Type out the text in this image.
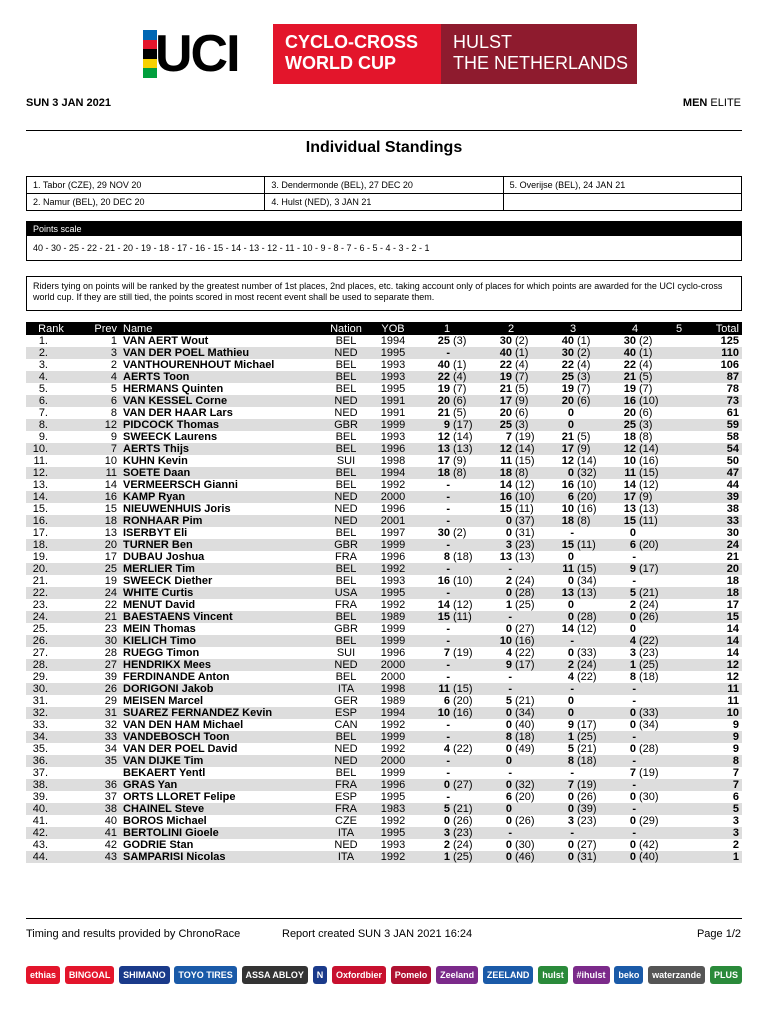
UCI	CYCLO-CROSS
WORLD CUP
HULST
THE NETHERLANDS
SUN 3 JAN 2021	MEN ELITE
Individual Standings
1. Tabor (CZE), 29 NOV 20	3. Dendermonde (BEL), 27 DEC 20	5. Overijse (BEL), 24 JAN 21
2. Namur (BEL), 20 DEC 20	4. Hulst (NED), 3 JAN 21	
Points scale
40 - 30 - 25 - 22 - 21 - 20 - 19 - 18 - 17 - 16 - 15 - 14 - 13 - 12 - 11 - 10 - 9 - 8 - 7 - 6 - 5 - 4 - 3 - 2 - 1
Riders tying on points will be ranked by the greatest number of 1st places, 2nd places, etc. taking account only of places for which points are awarded for the UCI cyclo-cross world cup. If they are still tied, the points scored in most recent event shall be used to separate them.
Rank	Prev	Name	Nation	YOB	1	2	3	4	5	Total
1.	1	VAN AERT Wout	BEL	1994	25 (3)	30 (2)	40 (1)	30 (2)		125
2.	3	VAN DER POEL Mathieu	NED	1995	-	40 (1)	30 (2)	40 (1)		110
3.	2	VANTHOURENHOUT Michael	BEL	1993	40 (1)	22 (4)	22 (4)	22 (4)		106
4.	4	AERTS Toon	BEL	1993	22 (4)	19 (7)	25 (3)	21 (5)		87
5.	5	HERMANS Quinten	BEL	1995	19 (7)	21 (5)	19 (7)	19 (7)		78
6.	6	VAN KESSEL Corne	NED	1991	20 (6)	17 (9)	20 (6)	16 (10)		73
7.	8	VAN DER HAAR Lars	NED	1991	21 (5)	20 (6)	0	20 (6)		61
8.	12	PIDCOCK Thomas	GBR	1999	9 (17)	25 (3)	0	25 (3)		59
9.	9	SWEECK Laurens	BEL	1993	12 (14)	7 (19)	21 (5)	18 (8)		58
10.	7	AERTS Thijs	BEL	1996	13 (13)	12 (14)	17 (9)	12 (14)		54
11.	10	KUHN Kevin	SUI	1998	17 (9)	11 (15)	12 (14)	10 (16)		50
12.	11	SOETE Daan	BEL	1994	18 (8)	18 (8)	0 (32)	11 (15)		47
13.	14	VERMEERSCH Gianni	BEL	1992	-	14 (12)	16 (10)	14 (12)		44
14.	16	KAMP Ryan	NED	2000	-	16 (10)	6 (20)	17 (9)		39
15.	15	NIEUWENHUIS Joris	NED	1996	-	15 (11)	10 (16)	13 (13)		38
16.	18	RONHAAR Pim	NED	2001	-	0 (37)	18 (8)	15 (11)		33
17.	13	ISERBYT Eli	BEL	1997	30 (2)	0 (31)	-	0		30
18.	20	TURNER Ben	GBR	1999	-	3 (23)	15 (11)	6 (20)		24
19.	17	DUBAU Joshua	FRA	1996	8 (18)	13 (13)	0	-		21
20.	25	MERLIER Tim	BEL	1992	-	-	11 (15)	9 (17)		20
21.	19	SWEECK Diether	BEL	1993	16 (10)	2 (24)	0 (34)	-		18
22.	24	WHITE Curtis	USA	1995	-	0 (28)	13 (13)	5 (21)		18
23.	22	MENUT David	FRA	1992	14 (12)	1 (25)	0	2 (24)		17
24.	21	BAESTAENS Vincent	BEL	1989	15 (11)	-	0 (28)	0 (26)		15
25.	23	MEIN Thomas	GBR	1999	-	0 (27)	14 (12)	0		14
26.	30	KIELICH Timo	BEL	1999	-	10 (16)	-	4 (22)		14
27.	28	RUEGG Timon	SUI	1996	7 (19)	4 (22)	0 (33)	3 (23)		14
28.	27	HENDRIKX Mees	NED	2000	-	9 (17)	2 (24)	1 (25)		12
29.	39	FERDINANDE Anton	BEL	2000	-	-	4 (22)	8 (18)		12
30.	26	DORIGONI Jakob	ITA	1998	11 (15)	-	-	-		11
31.	29	MEISEN Marcel	GER	1989	6 (20)	5 (21)	0	-		11
32.	31	SUAREZ FERNANDEZ Kevin	ESP	1994	10 (16)	0 (34)	0	0 (33)		10
33.	32	VAN DEN HAM Michael	CAN	1992	-	0 (40)	9 (17)	0 (34)		9
34.	33	VANDEBOSCH Toon	BEL	1999	-	8 (18)	1 (25)	-		9
35.	34	VAN DER POEL David	NED	1992	4 (22)	0 (49)	5 (21)	0 (28)		9
36.	35	VAN DIJKE Tim	NED	2000	-	0	8 (18)	-		8
37.		BEKAERT Yentl	BEL	1999	-	-	-	7 (19)		7
38.	36	GRAS Yan	FRA	1996	0 (27)	0 (32)	7 (19)	-		7
39.	37	ORTS LLORET Felipe	ESP	1995	-	6 (20)	0 (26)	0 (30)		6
40.	38	CHAINEL Steve	FRA	1983	5 (21)	0	0 (39)	-		5
41.	40	BOROS Michael	CZE	1992	0 (26)	0 (26)	3 (23)	0 (29)		3
42.	41	BERTOLINI Gioele	ITA	1995	3 (23)	-	-	-		3
43.	42	GODRIE Stan	NED	1993	2 (24)	0 (30)	0 (27)	0 (42)		2
44.	43	SAMPARISI Nicolas	ITA	1992	1 (25)	0 (46)	0 (31)	0 (40)		1
Timing and results provided by ChronoRace	Report created SUN 3 JAN 2021 16:24	Page 1/2
ethias	BINGOAL	SHIMANO	TOYO TIRES	ASSA ABLOY	N	Oxfordbier	Pomelo	Zeeland	ZEELAND	hulst	#ihulst	beko	waterzande	PLUS
